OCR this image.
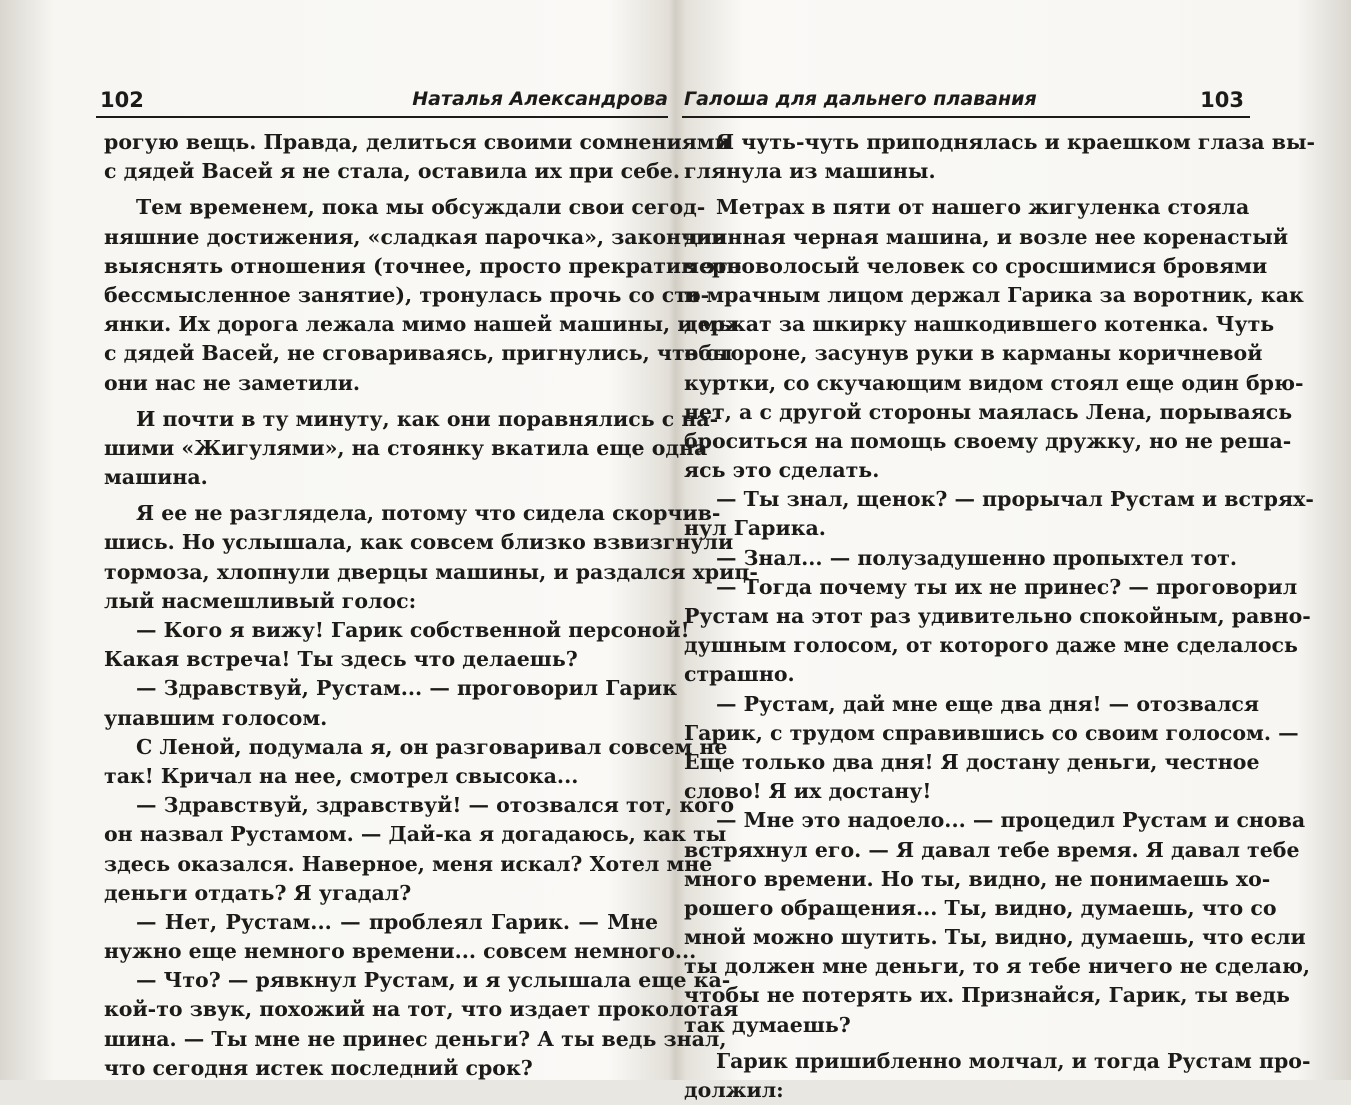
102	Наталья Александрова
рогую вещь. Правда, делиться своими сомнениями
с дядей Васей я не стала, оставила их при себе.
Тем временем, пока мы обсуждали свои сегод-
няшние достижения, «сладкая парочка», закончив
выяснять отношения (точнее, просто прекратив это
бессмысленное занятие), тронулась прочь со сто-
янки. Их дорога лежала мимо нашей машины, и мы
с дядей Васей, не сговариваясь, пригнулись, чтобы
они нас не заметили.
И почти в ту минуту, как они поравнялись с на-
шими «Жигулями», на стоянку вкатила еще одна
машина.
Я ее не разглядела, потому что сидела скорчив-
шись. Но услышала, как совсем близко взвизгнули
тормоза, хлопнули дверцы машины, и раздался хрип-
лый насмешливый голос:
— Кого я вижу! Гарик собственной персоной!
Какая встреча! Ты здесь что делаешь?
— Здравствуй, Рустам... — проговорил Гарик
упавшим голосом.
С Леной, подумала я, он разговаривал совсем не
так! Кричал на нее, смотрел свысока...
— Здравствуй, здравствуй! — отозвался тот, кого
он назвал Рустамом. — Дай-ка я догадаюсь, как ты
здесь оказался. Наверное, меня искал? Хотел мне
деньги отдать? Я угадал?
— Нет, Рустам... — проблеял Гарик. — Мне
нужно еще немного времени... совсем немного...
— Что? — рявкнул Рустам, и я услышала еще ка-
кой-то звук, похожий на тот, что издает проколотая
шина. — Ты мне не принес деньги? А ты ведь знал,
что сегодня истек последний срок?
Галоша для дальнего плавания	103
Я чуть-чуть приподнялась и краешком глаза вы-
глянула из машины.
Метрах в пяти от нашего жигуленка стояла
длинная черная машина, и возле нее коренастый
черноволосый человек со сросшимися бровями
и мрачным лицом держал Гарика за воротник, как
держат за шкирку нашкодившего котенка. Чуть
в стороне, засунув руки в карманы коричневой
куртки, со скучающим видом стоял еще один брю-
нет, а с другой стороны маялась Лена, порываясь
броситься на помощь своему дружку, но не реша-
ясь это сделать.
— Ты знал, щенок? — прорычал Рустам и встрях-
нул Гарика.
— Знал... — полузадушенно пропыхтел тот.
— Тогда почему ты их не принес? — проговорил
Рустам на этот раз удивительно спокойным, равно-
душным голосом, от которого даже мне сделалось
страшно.
— Рустам, дай мне еще два дня! — отозвался
Гарик, с трудом справившись со своим голосом. —
Еще только два дня! Я достану деньги, честное
слово! Я их достану!
— Мне это надоело... — процедил Рустам и снова
встряхнул его. — Я давал тебе время. Я давал тебе
много времени. Но ты, видно, не понимаешь хо-
рошего обращения... Ты, видно, думаешь, что со
мной можно шутить. Ты, видно, думаешь, что если
ты должен мне деньги, то я тебе ничего не сделаю,
чтобы не потерять их. Признайся, Гарик, ты ведь
так думаешь?
Гарик пришибленно молчал, и тогда Рустам про-
должил:
